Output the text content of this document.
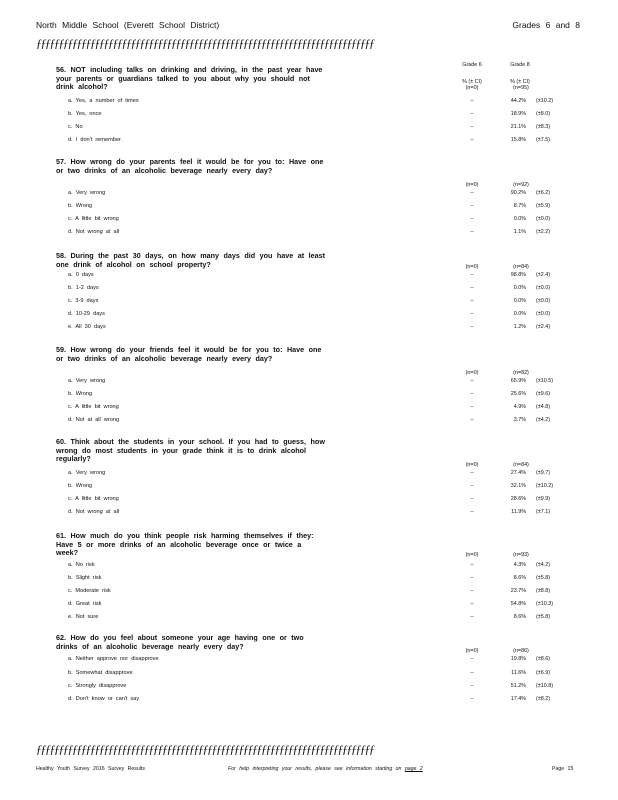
North Middle School (Everett School District)	Grades 6 and 8
ƒƒƒƒƒƒƒƒƒƒƒƒƒƒƒƒƒƒƒƒƒƒƒƒƒƒƒƒƒƒƒƒƒƒƒƒƒƒƒƒƒƒƒƒƒƒƒƒƒƒƒƒƒƒƒƒƒƒƒƒƒƒƒƒƒƒƒƒƒƒƒƒƒƒƒ
Grade 6	Grade 8
% (± CI)	% (± CI)
56. NOT including talks on drinking and driving, in the past year have your parents or guardians talked to you about why you should not drink alcohol?	(n=0)	(n=95)
a. Yes, a number of times	--	44.2% (±10.2)
b. Yes, once	--	18.9% (±8.0)
c. No	--	21.1% (±8.3)
d. I don't remember.	--	15.8% (±7.5)
57. How wrong do your parents feel it would be for you to: Have one or two drinks of an alcoholic beverage nearly every day?
(n=0)	(n=92)
a. Very wrong	--	90.2% (±6.2)
b. Wrong	--	8.7% (±5.9)
c. A little bit wrong	--	0.0% (±0.0)
d. Not wrong at all	--	1.1% (±2.2)
58. During the past 30 days, on how many days did you have at least one drink of alcohol on school property?	(n=0)	(n=84)
a. 0 days	--	98.8% (±2.4)
b. 1-2 days	--	0.0% (±0.0)
c. 3-9 days	--	0.0% (±0.0)
d. 10-29 days	--	0.0% (±0.0)
e. All 30 days	--	1.2% (±2.4)
59. How wrong do your friends feel it would be for you to: Have one or two drinks of an alcoholic beverage nearly every day?
(n=0)	(n=82)
a. Very wrong	--	65.9% (±10.5)
b. Wrong	--	25.6% (±9.6)
c. A little bit wrong	--	4.9% (±4.8)
d. Not at all wrong	--	3.7% (±4.2)
60. Think about the students in your school. If you had to guess, how wrong do most students in your grade think it is to drink alcohol regularly?
(n=0)	(n=84)
a. Very wrong	--	27.4% (±9.7)
b. Wrong	--	32.1% (±10.2)
c. A little bit wrong	--	28.6% (±9.9)
d. Not wrong at all	--	11.9% (±7.1)
61. How much do you think people risk harming themselves if they: Have 5 or more drinks of an alcoholic beverage once or twice a week?	(n=0)	(n=93)
a. No risk	--	4.3% (±4.2)
b. Slight risk	--	8.6% (±5.8)
c. Moderate risk	--	23.7% (±8.8)
d. Great risk	--	54.8% (±10.3)
e. Not sure	--	8.6% (±5.8)
62. How do you feel about someone your age having one or two drinks of an alcoholic beverage nearly every day?
(n=0)	(n=86)
a. Neither approve nor disapprove	--	19.8% (±8.6)
b. Somewhat disapprove	--	11.6% (±6.9)
c. Strongly disapprove	--	51.2% (±10.8)
d. Don't know or can't say	--	17.4% (±8.2)
ƒƒƒƒƒƒƒƒƒƒƒƒƒƒƒƒƒƒƒƒƒƒƒƒƒƒƒƒƒƒƒƒƒƒƒƒƒƒƒƒƒƒƒƒƒƒƒƒƒƒƒƒƒƒƒƒƒƒƒƒƒƒƒƒƒƒƒƒƒƒƒƒƒƒƒ
Healthy Youth Survey 2016 Survey Results	For help interpreting your results, please see information starting on page 2	Page 15
